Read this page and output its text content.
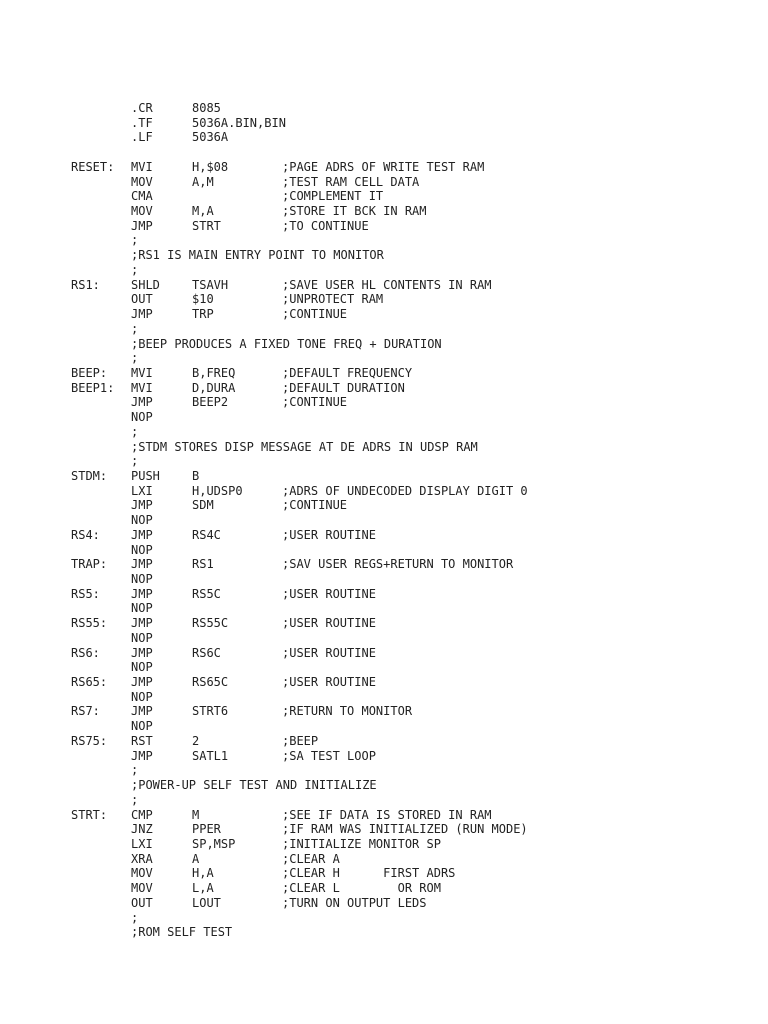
.CR	8085
.TF	5036A.BIN,BIN
.LF	5036A
RESET: MVI	H,$08	;PAGE ADRS OF WRITE TEST RAM
MOV	A,M	;TEST RAM CELL DATA
CMA	;COMPLEMENT IT
MOV	M,A	;STORE IT BCK IN RAM
JMP	STRT	;TO CONTINUE
;
;RS1 IS MAIN ENTRY POINT TO MONITOR
;
RS1:	SHLD	TSAVH	;SAVE USER HL CONTENTS IN RAM
OUT	$10	;UNPROTECT RAM
JMP	TRP	;CONTINUE
;
;BEEP PRODUCES A FIXED TONE FREQ + DURATION
;
BEEP: MVI	B,FREQ	;DEFAULT FREQUENCY
BEEP1: MVI	D,DURA	;DEFAULT DURATION
JMP	BEEP2	;CONTINUE
NOP
;
;STDM STORES DISP MESSAGE AT DE ADRS IN UDSP RAM
;
STDM: PUSH	B
LXI	H,UDSP0	;ADRS OF UNDECODED DISPLAY DIGIT 0
JMP	SDM	;CONTINUE
NOP
RS4:	JMP	RS4C	;USER ROUTINE
NOP
TRAP: JMP	RS1	;SAV USER REGS+RETURN TO MONITOR
NOP
RS5:	JMP	RS5C	;USER ROUTINE
NOP
RS55: JMP	RS55C	;USER ROUTINE
NOP
RS6:	JMP	RS6C	;USER ROUTINE
NOP
RS65: JMP	RS65C	;USER ROUTINE
NOP
RS7:	JMP	STRT6	;RETURN TO MONITOR
NOP
RS75: RST	2	;BEEP
JMP	SATL1	;SA TEST LOOP
;
;POWER-UP SELF TEST AND INITIALIZE
;
STRT: CMP	M	;SEE IF DATA IS STORED IN RAM
JNZ	PPER	;IF RAM WAS INITIALIZED (RUN MODE)
LXI	SP,MSP	;INITIALIZE MONITOR SP
XRA	A	;CLEAR A
MOV	H,A	;CLEAR H      FIRST ADRS
MOV	L,A	;CLEAR L        OR ROM
OUT	LOUT	;TURN ON OUTPUT LEDS
;
;ROM SELF TEST
